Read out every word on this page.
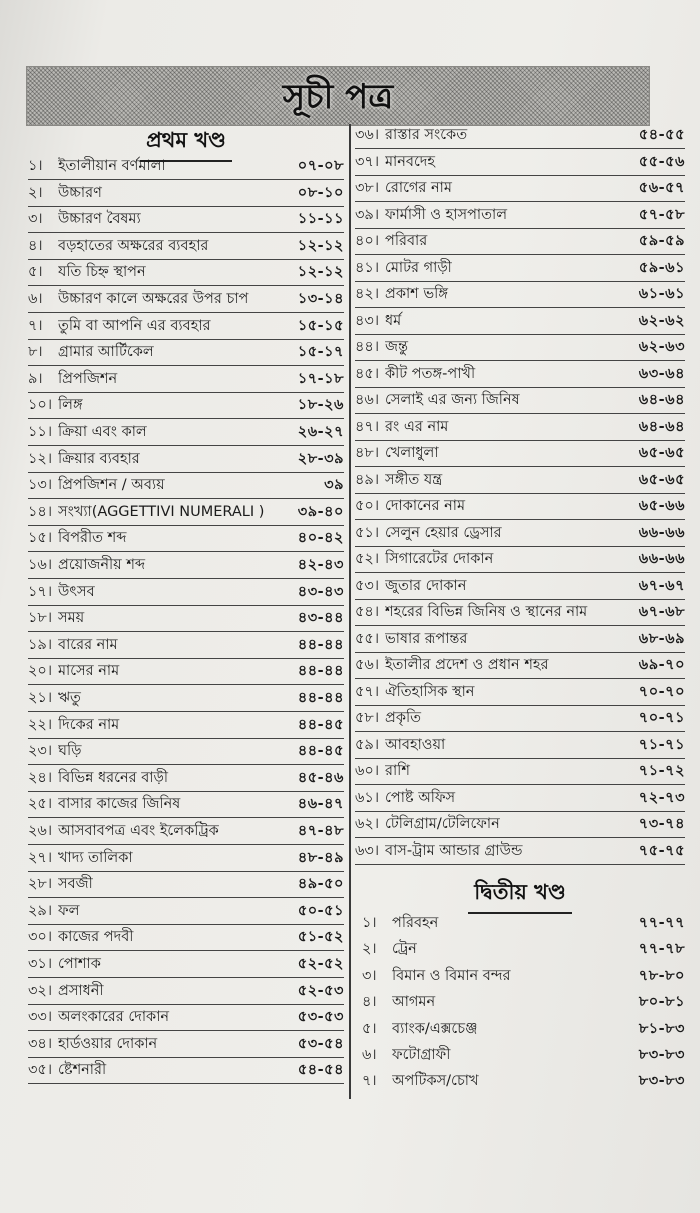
সূচী পত্র
প্রথম খণ্ড
দ্বিতীয় খণ্ড
১।	ইতালীয়ান বর্ণমালা	০৭-০৮
২।	উচ্চারণ	০৮-১০
৩।	উচ্চারণ বৈষম্য	১১-১১
৪।	বড়হাতের অক্ষরের ব্যবহার	১২-১২
৫।	যতি চিহ্ন স্থাপন	১২-১২
৬।	উচ্চারণ কালে অক্ষরের উপর চাপ	১৩-১৪
৭।	তুমি বা আপনি এর ব্যবহার	১৫-১৫
৮।	গ্রামার আর্টিকেল	১৫-১৭
৯।	প্রিপজিশন	১৭-১৮
১০। লিঙ্গ	১৮-২৬
১১। ক্রিয়া এবং কাল	২৬-২৭
১২। ক্রিয়ার ব্যবহার	২৮-৩৯
১৩। প্রিপজিশন / অব্যয়	৩৯
১৪। সংখ্যা(AGGETTIVI NUMERALI )	৩৯-৪০
১৫। বিপরীত শব্দ	৪০-৪২
১৬। প্রয়োজনীয় শব্দ	৪২-৪৩
১৭। উৎসব	৪৩-৪৩
১৮। সময়	৪৩-৪৪
১৯। বারের নাম	৪৪-৪৪
২০। মাসের নাম	৪৪-৪৪
২১। ঋতু	৪৪-৪৪
২২। দিকের নাম	৪৪-৪৫
২৩। ঘড়ি	৪৪-৪৫
২৪। বিভিন্ন ধরনের বাড়ী	৪৫-৪৬
২৫। বাসার কাজের জিনিষ	৪৬-৪৭
২৬। আসবাবপত্র এবং ইলেকট্রিক	৪৭-৪৮
২৭। খাদ্য তালিকা	৪৮-৪৯
২৮। সবজী	৪৯-৫০
২৯। ফল	৫০-৫১
৩০। কাজের পদবী	৫১-৫২
৩১। পোশাক	৫২-৫২
৩২। প্রসাধনী	৫২-৫৩
৩৩। অলংকারের দোকান	৫৩-৫৩
৩৪। হার্ডওয়ার দোকান	৫৩-৫৪
৩৫। ষ্টেশনারী	৫৪-৫৪
৩৬। রাস্তার সংকেত	৫৪-৫৫
৩৭। মানবদেহ	৫৫-৫৬
৩৮। রোগের নাম	৫৬-৫৭
৩৯। ফার্মাসী ও হাসপাতাল	৫৭-৫৮
৪০। পরিবার	৫৯-৫৯
৪১। মোটর গাড়ী	৫৯-৬১
৪২। প্রকাশ ভঙ্গি	৬১-৬১
৪৩। ধর্ম	৬২-৬২
৪৪। জন্তু	৬২-৬৩
৪৫। কীট পতঙ্গ-পাখী	৬৩-৬৪
৪৬। সেলাই এর জন্য জিনিষ	৬৪-৬৪
৪৭। রং এর নাম	৬৪-৬৪
৪৮। খেলাধুলা	৬৫-৬৫
৪৯। সঙ্গীত যন্ত্র	৬৫-৬৫
৫০। দোকানের নাম	৬৫-৬৬
৫১। সেলুন হেয়ার ড্রেসার	৬৬-৬৬
৫২। সিগারেটের দোকান	৬৬-৬৬
৫৩। জুতার দোকান	৬৭-৬৭
৫৪। শহরের বিভিন্ন জিনিষ ও স্থানের নাম	৬৭-৬৮
৫৫। ভাষার রূপান্তর	৬৮-৬৯
৫৬। ইতালীর প্রদেশ ও প্রধান শহর	৬৯-৭০
৫৭। ঐতিহাসিক স্থান	৭০-৭০
৫৮। প্রকৃতি	৭০-৭১
৫৯। আবহাওয়া	৭১-৭১
৬০। রাশি	৭১-৭২
৬১। পোষ্ট অফিস	৭২-৭৩
৬২। টেলিগ্রাম/টেলিফোন	৭৩-৭৪
৬৩। বাস-ট্রাম আন্ডার গ্রাউন্ড	৭৫-৭৫
১।	পরিবহন	৭৭-৭৭
২।	ট্রেন	৭৭-৭৮
৩।	বিমান ও বিমান বন্দর	৭৮-৮০
৪।	আগমন	৮০-৮১
৫।	ব্যাংক/এক্সচেঞ্জ	৮১-৮৩
৬।	ফটোগ্রাফী	৮৩-৮৩
৭।	অপটিকস/চোখ	৮৩-৮৩
